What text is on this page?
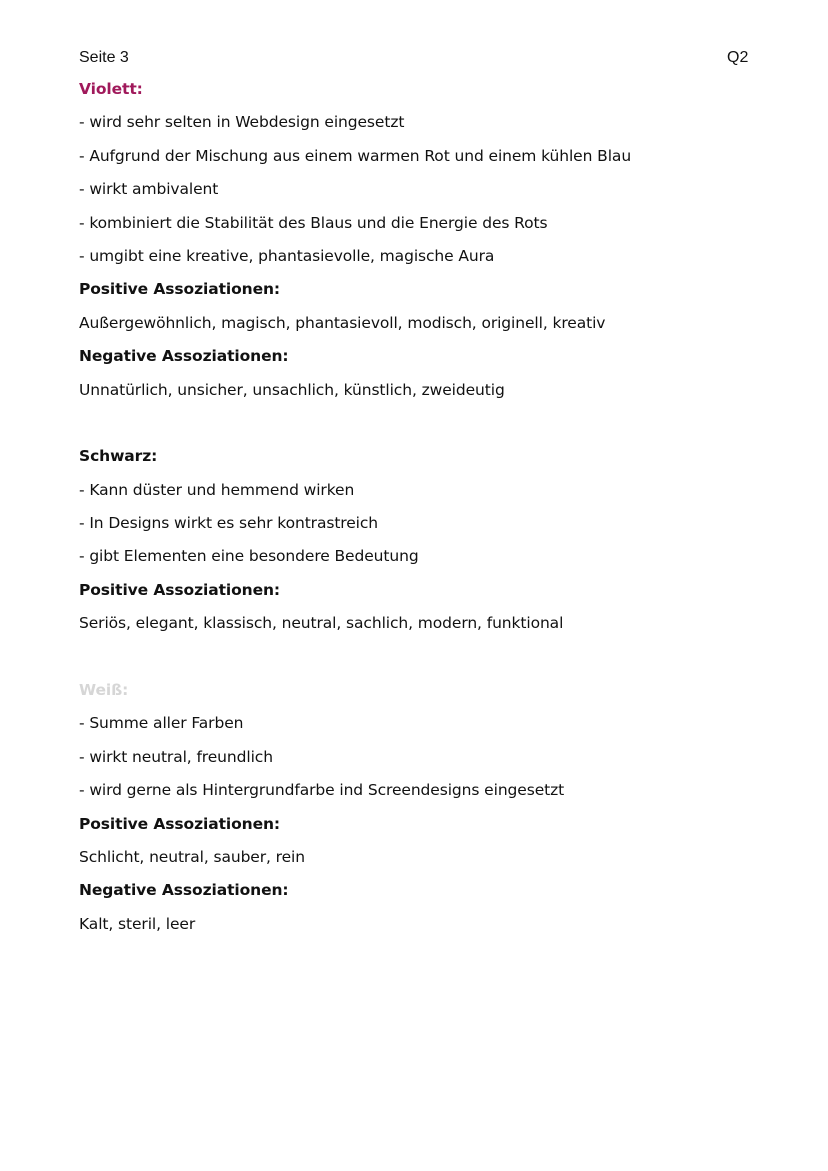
Seite 3	Q2
Violett:
- wird sehr selten in Webdesign eingesetzt
- Aufgrund der Mischung aus einem warmen Rot und einem kühlen Blau
- wirkt ambivalent
- kombiniert die Stabilität des Blaus und die Energie des Rots
- umgibt eine kreative, phantasievolle, magische Aura
Positive Assoziationen:
Außergewöhnlich, magisch, phantasievoll, modisch, originell, kreativ
Negative Assoziationen:
Unnatürlich, unsicher, unsachlich, künstlich, zweideutig
Schwarz:
- Kann düster und hemmend wirken
- In Designs wirkt es sehr kontrastreich
- gibt Elementen eine besondere Bedeutung
Positive Assoziationen:
Seriös, elegant, klassisch, neutral, sachlich, modern, funktional
Weiß:
- Summe aller Farben
- wirkt neutral, freundlich
- wird gerne als Hintergrundfarbe ind Screendesigns eingesetzt
Positive Assoziationen:
Schlicht, neutral, sauber, rein
Negative Assoziationen:
Kalt, steril, leer
